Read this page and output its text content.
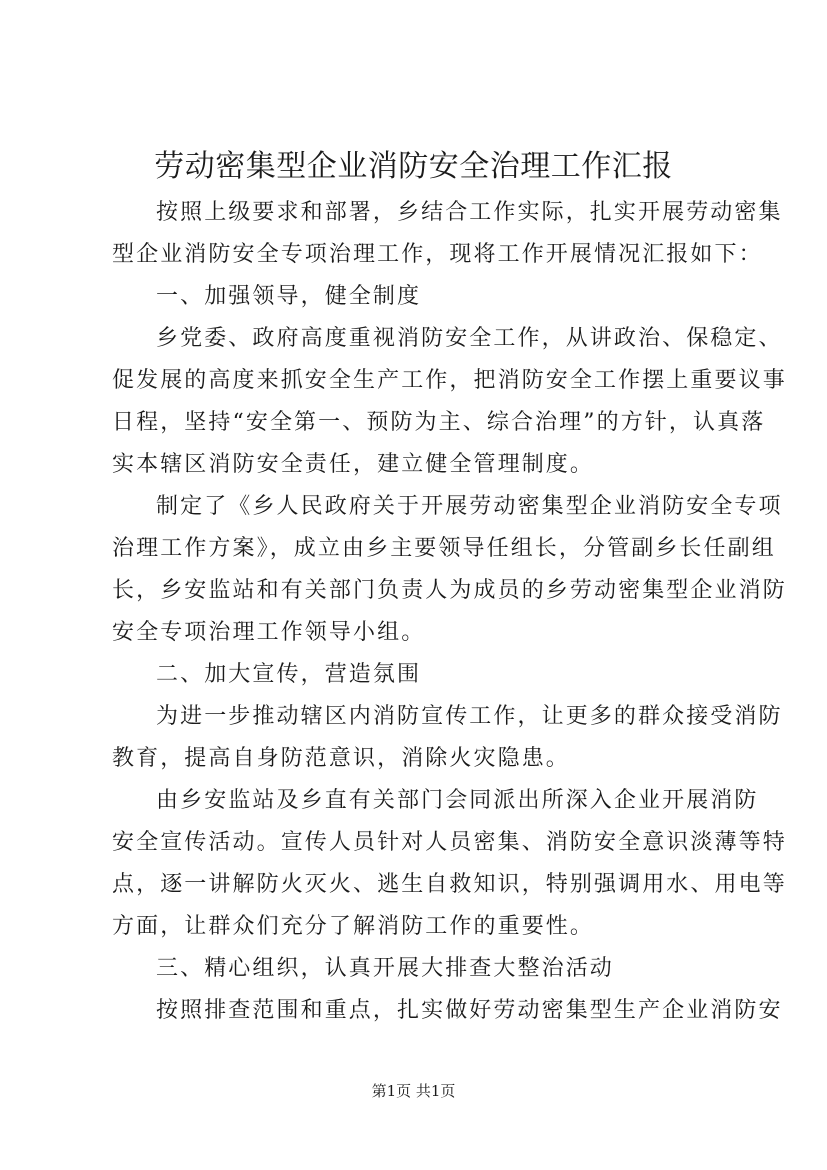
劳动密集型企业消防安全治理工作汇报
按照上级要求和部署，乡结合工作实际，扎实开展劳动密集
型企业消防安全专项治理工作，现将工作开展情况汇报如下：
一、加强领导，健全制度
乡党委、政府高度重视消防安全工作，从讲政治、保稳定、
促发展的高度来抓安全生产工作，把消防安全工作摆上重要议事
日程，坚持“安全第一、预防为主、综合治理”的方针，认真落
实本辖区消防安全责任，建立健全管理制度。
制定了《乡人民政府关于开展劳动密集型企业消防安全专项
治理工作方案》，成立由乡主要领导任组长，分管副乡长任副组
长，乡安监站和有关部门负责人为成员的乡劳动密集型企业消防
安全专项治理工作领导小组。
二、加大宣传，营造氛围
为进一步推动辖区内消防宣传工作，让更多的群众接受消防
教育，提高自身防范意识，消除火灾隐患。
由乡安监站及乡直有关部门会同派出所深入企业开展消防
安全宣传活动。宣传人员针对人员密集、消防安全意识淡薄等特
点，逐一讲解防火灭火、逃生自救知识，特别强调用水、用电等
方面，让群众们充分了解消防工作的重要性。
三、精心组织，认真开展大排查大整治活动
按照排查范围和重点，扎实做好劳动密集型生产企业消防安
第1页 共1页
